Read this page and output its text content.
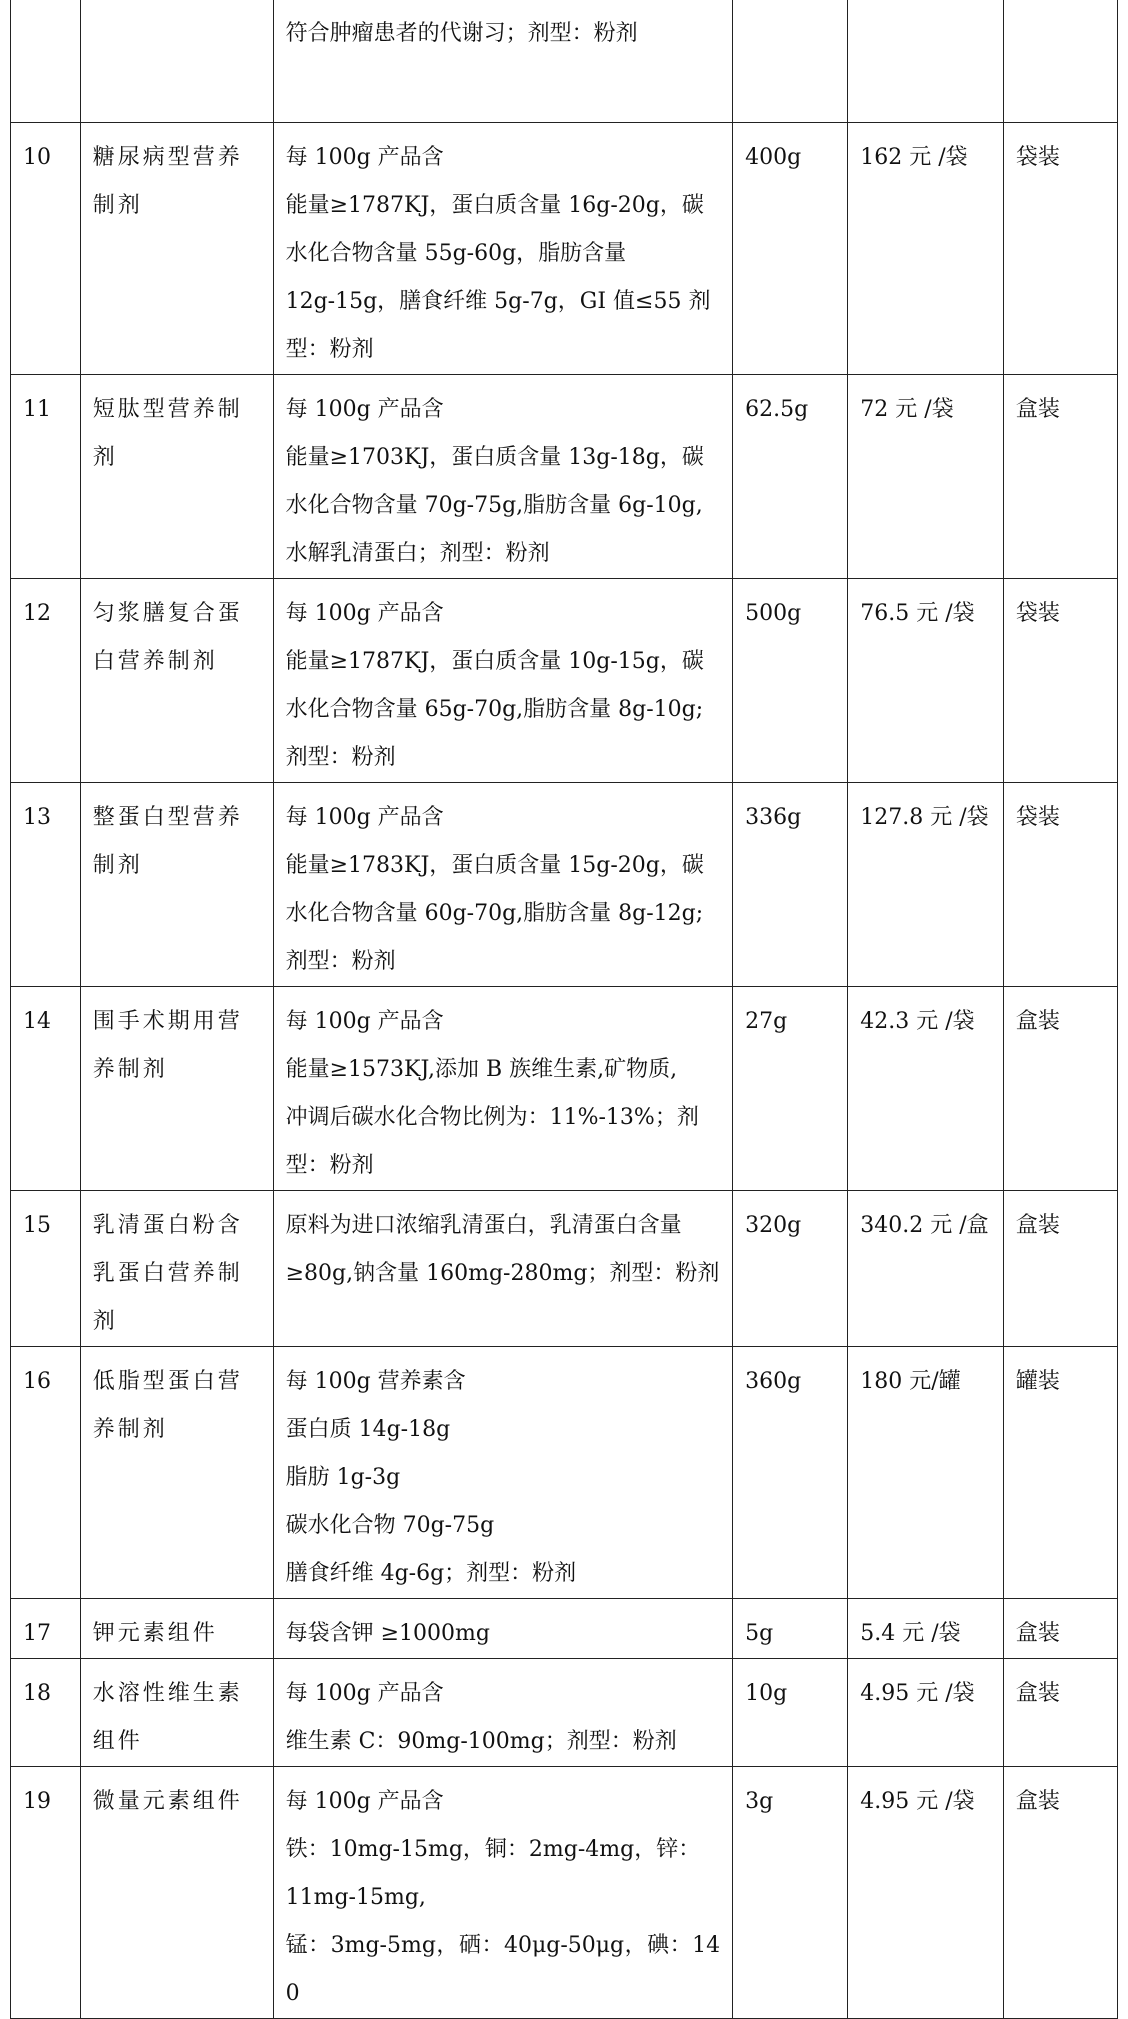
		符合肿瘤患者的代谢习；剂型：粉剂			

10	糖尿病型营养制剂	每 100g 产品含
能量≥1787KJ，蛋白质含量 16g-20g，碳
水化合物含量 55g-60g，脂肪含量
12g-15g，膳食纤维 5g-7g，GI 值≤55 剂
型：粉剂	400g	162 元 /袋	袋装
11	短肽型营养制剂	每 100g 产品含
能量≥1703KJ，蛋白质含量 13g-18g，碳
水化合物含量 70g-75g,脂肪含量 6g-10g,
水解乳清蛋白；剂型：粉剂	62.5g	72 元 /袋	盒装
12	匀浆膳复合蛋白营养制剂	每 100g 产品含
能量≥1787KJ，蛋白质含量 10g-15g，碳
水化合物含量 65g-70g,脂肪含量 8g-10g;
剂型：粉剂	500g	76.5 元 /袋	袋装
13	整蛋白型营养制剂	每 100g 产品含
能量≥1783KJ，蛋白质含量 15g-20g，碳
水化合物含量 60g-70g,脂肪含量 8g-12g;
剂型：粉剂	336g	127.8 元 /袋	袋装
14	围手术期用营养制剂	每 100g 产品含
能量≥1573KJ,添加 B 族维生素,矿物质,
冲调后碳水化合物比例为：11%-13%；剂
型：粉剂	27g	42.3 元 /袋	盒装
15	乳清蛋白粉含乳蛋白营养制剂	原料为进口浓缩乳清蛋白，乳清蛋白含量
≥80g,钠含量 160mg-280mg；剂型：粉剂	320g	340.2 元 /盒	盒装
16	低脂型蛋白营养制剂	每 100g 营养素含
蛋白质 14g-18g
脂肪 1g-3g
碳水化合物 70g-75g
膳食纤维 4g-6g；剂型：粉剂	360g	180 元/罐	罐装
17	钾元素组件	每袋含钾 ≥1000mg	5g	5.4 元 /袋	盒装
18	水溶性维生素组件	每 100g 产品含
维生素 C：90mg-100mg；剂型：粉剂	10g	4.95 元 /袋	盒装
19	微量元素组件	每 100g 产品含
铁：10mg-15mg，铜：2mg-4mg，锌：
11mg-15mg,
锰：3mg-5mg，硒：40μg-50μg，碘：140	3g	4.95 元 /袋	盒装
